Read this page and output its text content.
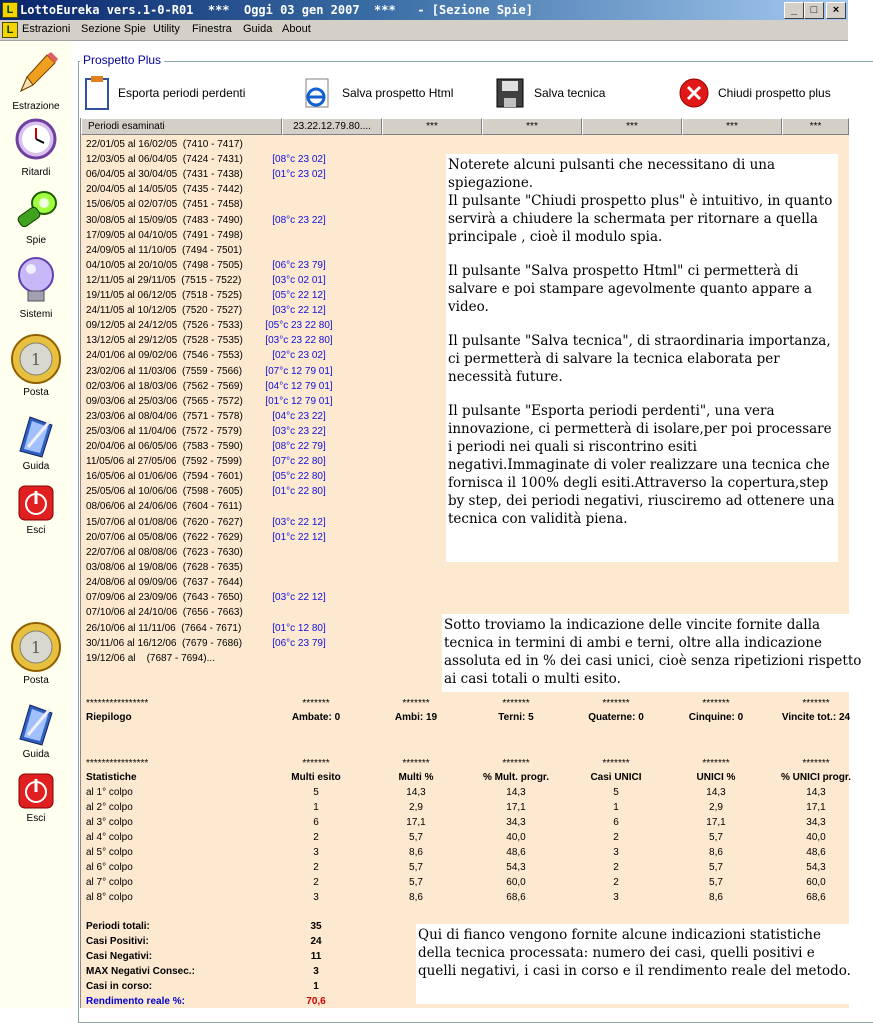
L LottoEureka vers.1-0-R01  ***  Oggi 03 gen 2007  ***   - [Sezione Spie]	_	□	×
L Estrazioni Sezione Spie Utility Finestra Guida About
Estrazione
Ritardi
Spie
Sistemi
1
Posta
Guida
Esci
1
Posta
Guida
Esci
Prospetto Plus
Esporta periodi perdenti	Salva prospetto Html	Salva tecnica	Chiudi prospetto plus
Periodi esaminati	23.22.12.79.80....	***	***	***	***	***
22/01/05 al 16/02/05  (7410 - 7417)
12/03/05 al 06/04/05  (7424 - 7431)	[08°c 23 02]
06/04/05 al 30/04/05  (7431 - 7438)	[01°c 23 02]
20/04/05 al 14/05/05  (7435 - 7442)
15/06/05 al 02/07/05  (7451 - 7458)
30/08/05 al 15/09/05  (7483 - 7490)	[08°c 23 22]
17/09/05 al 04/10/05  (7491 - 7498)
24/09/05 al 11/10/05  (7494 - 7501)
04/10/05 al 20/10/05  (7498 - 7505)	[06°c 23 79]
12/11/05 al 29/11/05  (7515 - 7522)	[03°c 02 01]
19/11/05 al 06/12/05  (7518 - 7525)	[05°c 22 12]
24/11/05 al 10/12/05  (7520 - 7527)	[03°c 22 12]
09/12/05 al 24/12/05  (7526 - 7533)	[05°c 23 22 80]
13/12/05 al 29/12/05  (7528 - 7535)	[03°c 23 22 80]
24/01/06 al 09/02/06  (7546 - 7553)	[02°c 23 02]
23/02/06 al 11/03/06  (7559 - 7566)	[07°c 12 79 01]
02/03/06 al 18/03/06  (7562 - 7569)	[04°c 12 79 01]
09/03/06 al 25/03/06  (7565 - 7572)	[01°c 12 79 01]
23/03/06 al 08/04/06  (7571 - 7578)	[04°c 23 22]
25/03/06 al 11/04/06  (7572 - 7579)	[03°c 23 22]
20/04/06 al 06/05/06  (7583 - 7590)	[08°c 22 79]
11/05/06 al 27/05/06  (7592 - 7599)	[07°c 22 80]
16/05/06 al 01/06/06  (7594 - 7601)	[05°c 22 80]
25/05/06 al 10/06/06  (7598 - 7605)	[01°c 22 80]
08/06/06 al 24/06/06  (7604 - 7611)
15/07/06 al 01/08/06  (7620 - 7627)	[03°c 22 12]
20/07/06 al 05/08/06  (7622 - 7629)	[01°c 22 12]
22/07/06 al 08/08/06  (7623 - 7630)
03/08/06 al 19/08/06  (7628 - 7635)
24/08/06 al 09/09/06  (7637 - 7644)
07/09/06 al 23/09/06  (7643 - 7650)	[03°c 22 12]
07/10/06 al 24/10/06  (7656 - 7663)
26/10/06 al 11/11/06  (7664 - 7671)	[01°c 12 80]
30/11/06 al 16/12/06  (7679 - 7686)	[06°c 23 79]
19/12/06 al    (7687 - 7694)...
****************	*******	*******	*******	*******	*******	*******
Riepilogo	Ambate: 0	Ambi: 19	Terni: 5	Quaterne: 0	Cinquine: 0	Vincite tot.: 24
****************	*******	*******	*******	*******	*******	*******
Statistiche	Multi esito	Multi %	% Mult. progr.	Casi UNICI	UNICI %	% UNICI progr.
al 1° colpo	5	14,3	14,3	5	14,3	14,3
al 2° colpo	1	2,9	17,1	1	2,9	17,1
al 3° colpo	6	17,1	34,3	6	17,1	34,3
al 4° colpo	2	5,7	40,0	2	5,7	40,0
al 5° colpo	3	8,6	48,6	3	8,6	48,6
al 6° colpo	2	5,7	54,3	2	5,7	54,3
al 7° colpo	2	5,7	60,0	2	5,7	60,0
al 8° colpo	3	8,6	68,6	3	8,6	68,6
Periodi totali:	35
Casi Positivi:	24
Casi Negativi:	11
MAX Negativi Consec.:	3
Casi in corso:	1
Rendimento reale %:	70,6

Noterete alcuni pulsanti che necessitano di una spiegazione.
Il pulsante "Chiudi prospetto plus" è intuitivo, in quanto servirà a chiudere la schermata per ritornare a quella principale , cioè il modulo spia.

Il pulsante "Salva prospetto Html" ci permetterà di salvare e poi stampare agevolmente quanto appare a video.

Il pulsante "Salva tecnica", di straordinaria importanza, ci permetterà di salvare la tecnica elaborata per necessità future.

Il pulsante "Esporta periodi perdenti", una vera innovazione, ci permetterà di isolare,per poi processare i periodi nei quali si riscontrino esiti negativi.Immaginate di voler realizzare una tecnica che fornisca il 100% degli esiti.Attraverso la copertura,step by step, dei periodi negativi, riusciremo ad ottenere una tecnica con validità piena.

Sotto troviamo la indicazione delle vincite fornite dalla tecnica in termini di ambi e terni, oltre alla indicazione assoluta ed in % dei casi unici, cioè senza ripetizioni rispetto ai casi totali o multi esito.
Qui di fianco vengono fornite alcune indicazioni statistiche della tecnica processata: numero dei casi, quelli positivi e quelli negativi, i casi in corso e il rendimento reale del metodo.
